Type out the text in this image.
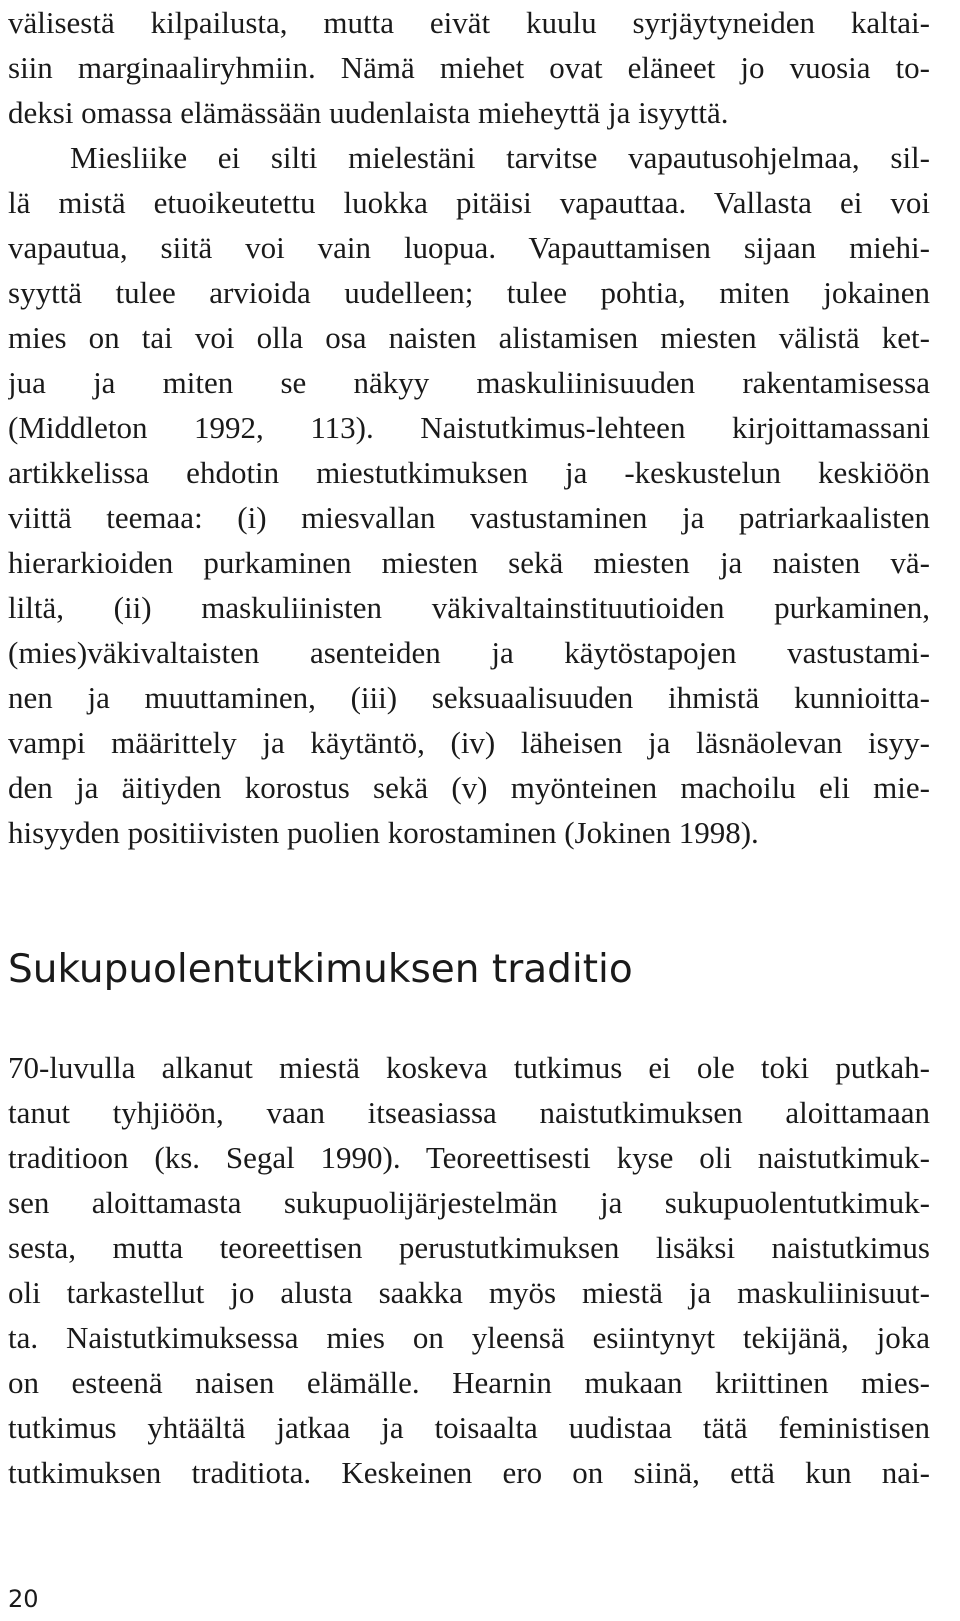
välisestä kilpailusta, mutta eivät kuulu syrjäytyneiden kaltai-
siin marginaaliryhmiin. Nämä miehet ovat eläneet jo vuosia to-
deksi omassa elämässään uudenlaista mieheyttä ja isyyttä.
Miesliike ei silti mielestäni tarvitse vapautusohjelmaa, sil-
lä mistä etuoikeutettu luokka pitäisi vapauttaa. Vallasta ei voi
vapautua, siitä voi vain luopua. Vapauttamisen sijaan miehi-
syyttä tulee arvioida uudelleen; tulee pohtia, miten jokainen
mies on tai voi olla osa naisten alistamisen miesten välistä ket-
jua ja miten se näkyy maskuliinisuuden rakentamisessa
(Middleton 1992, 113). Naistutkimus-lehteen kirjoittamassani
artikkelissa ehdotin miestutkimuksen ja -keskustelun keskiöön
viittä teemaa: (i) miesvallan vastustaminen ja patriarkaalisten
hierarkioiden purkaminen miesten sekä miesten ja naisten vä-
liltä, (ii) maskuliinisten väkivaltainstituutioiden purkaminen,
(mies)väkivaltaisten asenteiden ja käytöstapojen vastustami-
nen ja muuttaminen, (iii) seksuaalisuuden ihmistä kunnioitta-
vampi määrittely ja käytäntö, (iv) läheisen ja läsnäolevan isyy-
den ja äitiyden korostus sekä (v) myönteinen machoilu eli mie-
hisyyden positiivisten puolien korostaminen (Jokinen 1998).
Sukupuolentutkimuksen traditio
70-luvulla alkanut miestä koskeva tutkimus ei ole toki putkah-
tanut tyhjiöön, vaan itseasiassa naistutkimuksen aloittamaan
traditioon (ks. Segal 1990). Teoreettisesti kyse oli naistutkimuk-
sen aloittamasta sukupuolijärjestelmän ja sukupuolentutkimuk-
sesta, mutta teoreettisen perustutkimuksen lisäksi naistutkimus
oli tarkastellut jo alusta saakka myös miestä ja maskuliinisuut-
ta. Naistutkimuksessa mies on yleensä esiintynyt tekijänä, joka
on esteenä naisen elämälle. Hearnin mukaan kriittinen mies-
tutkimus yhtäältä jatkaa ja toisaalta uudistaa tätä feministisen
tutkimuksen traditiota. Keskeinen ero on siinä, että kun nai-
20
